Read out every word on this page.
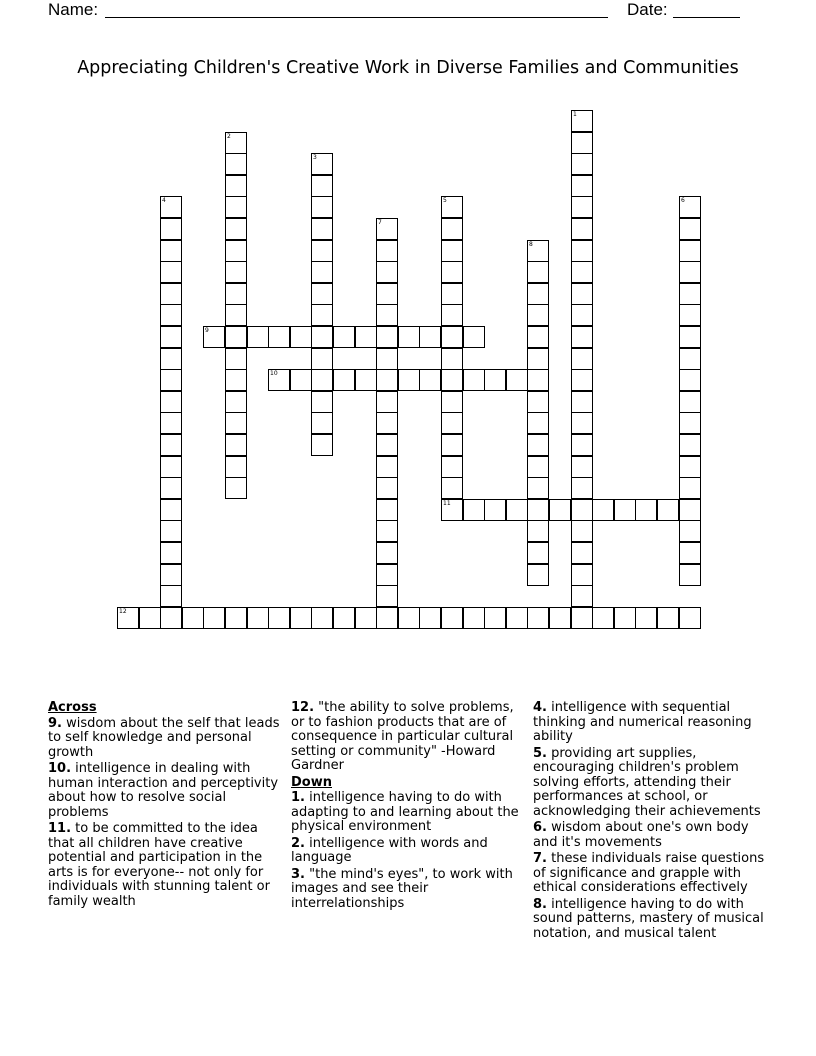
Name:	Date:
Appreciating Children's Creative Work in Diverse Families and Communities
1
2
3
4	5
11
6
7
8
9
10
12
Across
9. wisdom about the self that leads to self knowledge and personal growth
10. intelligence in dealing with human interaction and perceptivity about how to resolve social problems
11. to be committed to the idea that all children have creative potential and participation in the arts is for everyone-- not only for individuals with stunning talent or family wealth
12. "the ability to solve problems, or to fashion products that are of consequence in particular cultural setting or community" -Howard Gardner
Down
1. intelligence having to do with adapting to and learning about the physical environment
2. intelligence with words and language
3. "the mind's eyes", to work with images and see their interrelationships
4. intelligence with sequential thinking and numerical reasoning ability
5. providing art supplies, encouraging children's problem solving efforts, attending their performances at school, or acknowledging their achievements
6. wisdom about one's own body and it's movements
7. these individuals raise questions of significance and grapple with ethical considerations effectively
8. intelligence having to do with sound patterns, mastery of musical notation, and musical talent
